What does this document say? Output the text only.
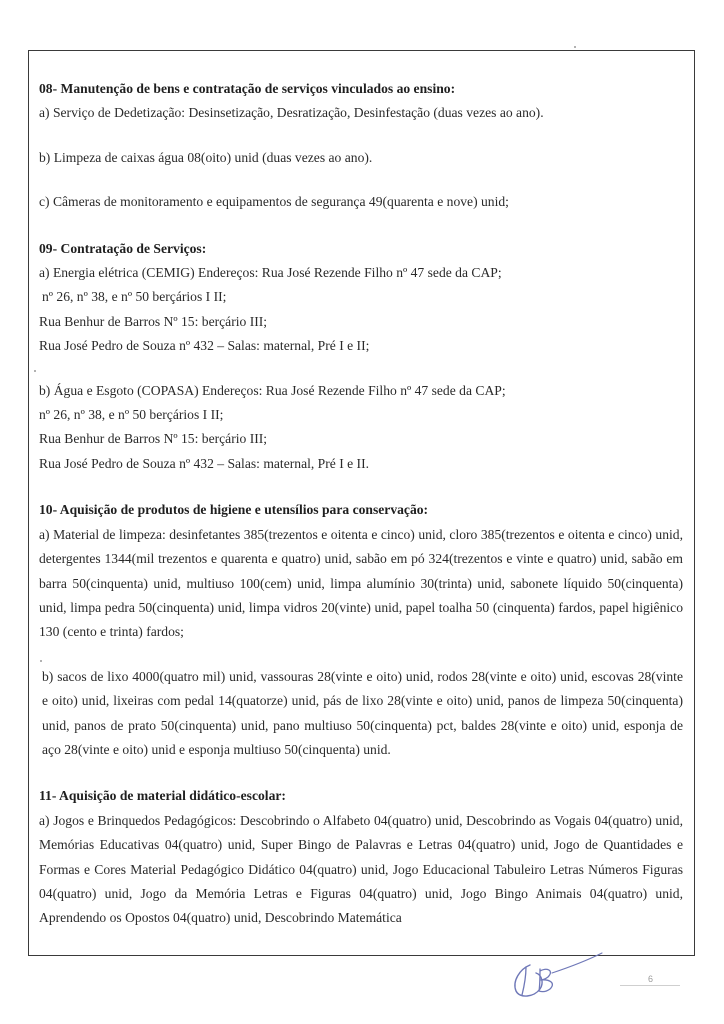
08- Manutenção de bens e contratação de serviços vinculados ao ensino:

a) Serviço de Dedetização: Desinsetização, Desratização, Desinfestação (duas vezes ao ano).

b) Limpeza de caixas água 08(oito) unid (duas vezes ao ano).

c) Câmeras de monitoramento e equipamentos de segurança 49(quarenta e nove) unid;

09- Contratação de Serviços:

a) Energia elétrica (CEMIG) Endereços: Rua José Rezende Filho nº 47 sede da CAP;

nº 26, nº 38, e nº 50 berçários I II;

Rua Benhur de Barros Nº 15: berçário III;

Rua José Pedro de Souza nº 432 – Salas: maternal, Pré I e II;

b) Água e Esgoto (COPASA) Endereços: Rua José Rezende Filho nº 47 sede da CAP;

nº 26, nº 38, e nº 50 berçários I II;

Rua Benhur de Barros Nº 15: berçário III;

Rua José Pedro de Souza nº 432 – Salas: maternal, Pré I e II.

10- Aquisição de produtos de higiene e utensílios para conservação:

a) Material de limpeza: desinfetantes 385(trezentos e oitenta e cinco) unid, cloro 385(trezentos e oitenta e cinco) unid, detergentes 1344(mil trezentos e quarenta e quatro) unid, sabão em pó 324(trezentos e vinte e quatro) unid, sabão em barra 50(cinquenta) unid, multiuso 100(cem) unid, limpa alumínio 30(trinta) unid, sabonete líquido 50(cinquenta) unid, limpa pedra 50(cinquenta) unid, limpa vidros 20(vinte) unid, papel toalha 50 (cinquenta) fardos, papel higiênico 130 (cento e trinta) fardos;

b) sacos de lixo 4000(quatro mil) unid, vassouras 28(vinte e oito) unid, rodos 28(vinte e oito) unid, escovas 28(vinte e oito) unid, lixeiras com pedal 14(quatorze) unid, pás de lixo 28(vinte e oito) unid, panos de limpeza 50(cinquenta) unid, panos de prato 50(cinquenta) unid, pano multiuso 50(cinquenta) pct, baldes 28(vinte e oito) unid, esponja de aço 28(vinte e oito) unid e esponja multiuso 50(cinquenta) unid.

11- Aquisição de material didático-escolar:

a) Jogos e Brinquedos Pedagógicos: Descobrindo o Alfabeto 04(quatro) unid, Descobrindo as Vogais 04(quatro) unid, Memórias Educativas 04(quatro) unid, Super Bingo de Palavras e Letras 04(quatro) unid, Jogo de Quantidades e Formas e Cores Material Pedagógico Didático 04(quatro) unid, Jogo Educacional Tabuleiro Letras Números Figuras 04(quatro) unid, Jogo da Memória Letras e Figuras 04(quatro) unid, Jogo Bingo Animais 04(quatro) unid, Aprendendo os Opostos 04(quatro) unid, Descobrindo Matemática

6
